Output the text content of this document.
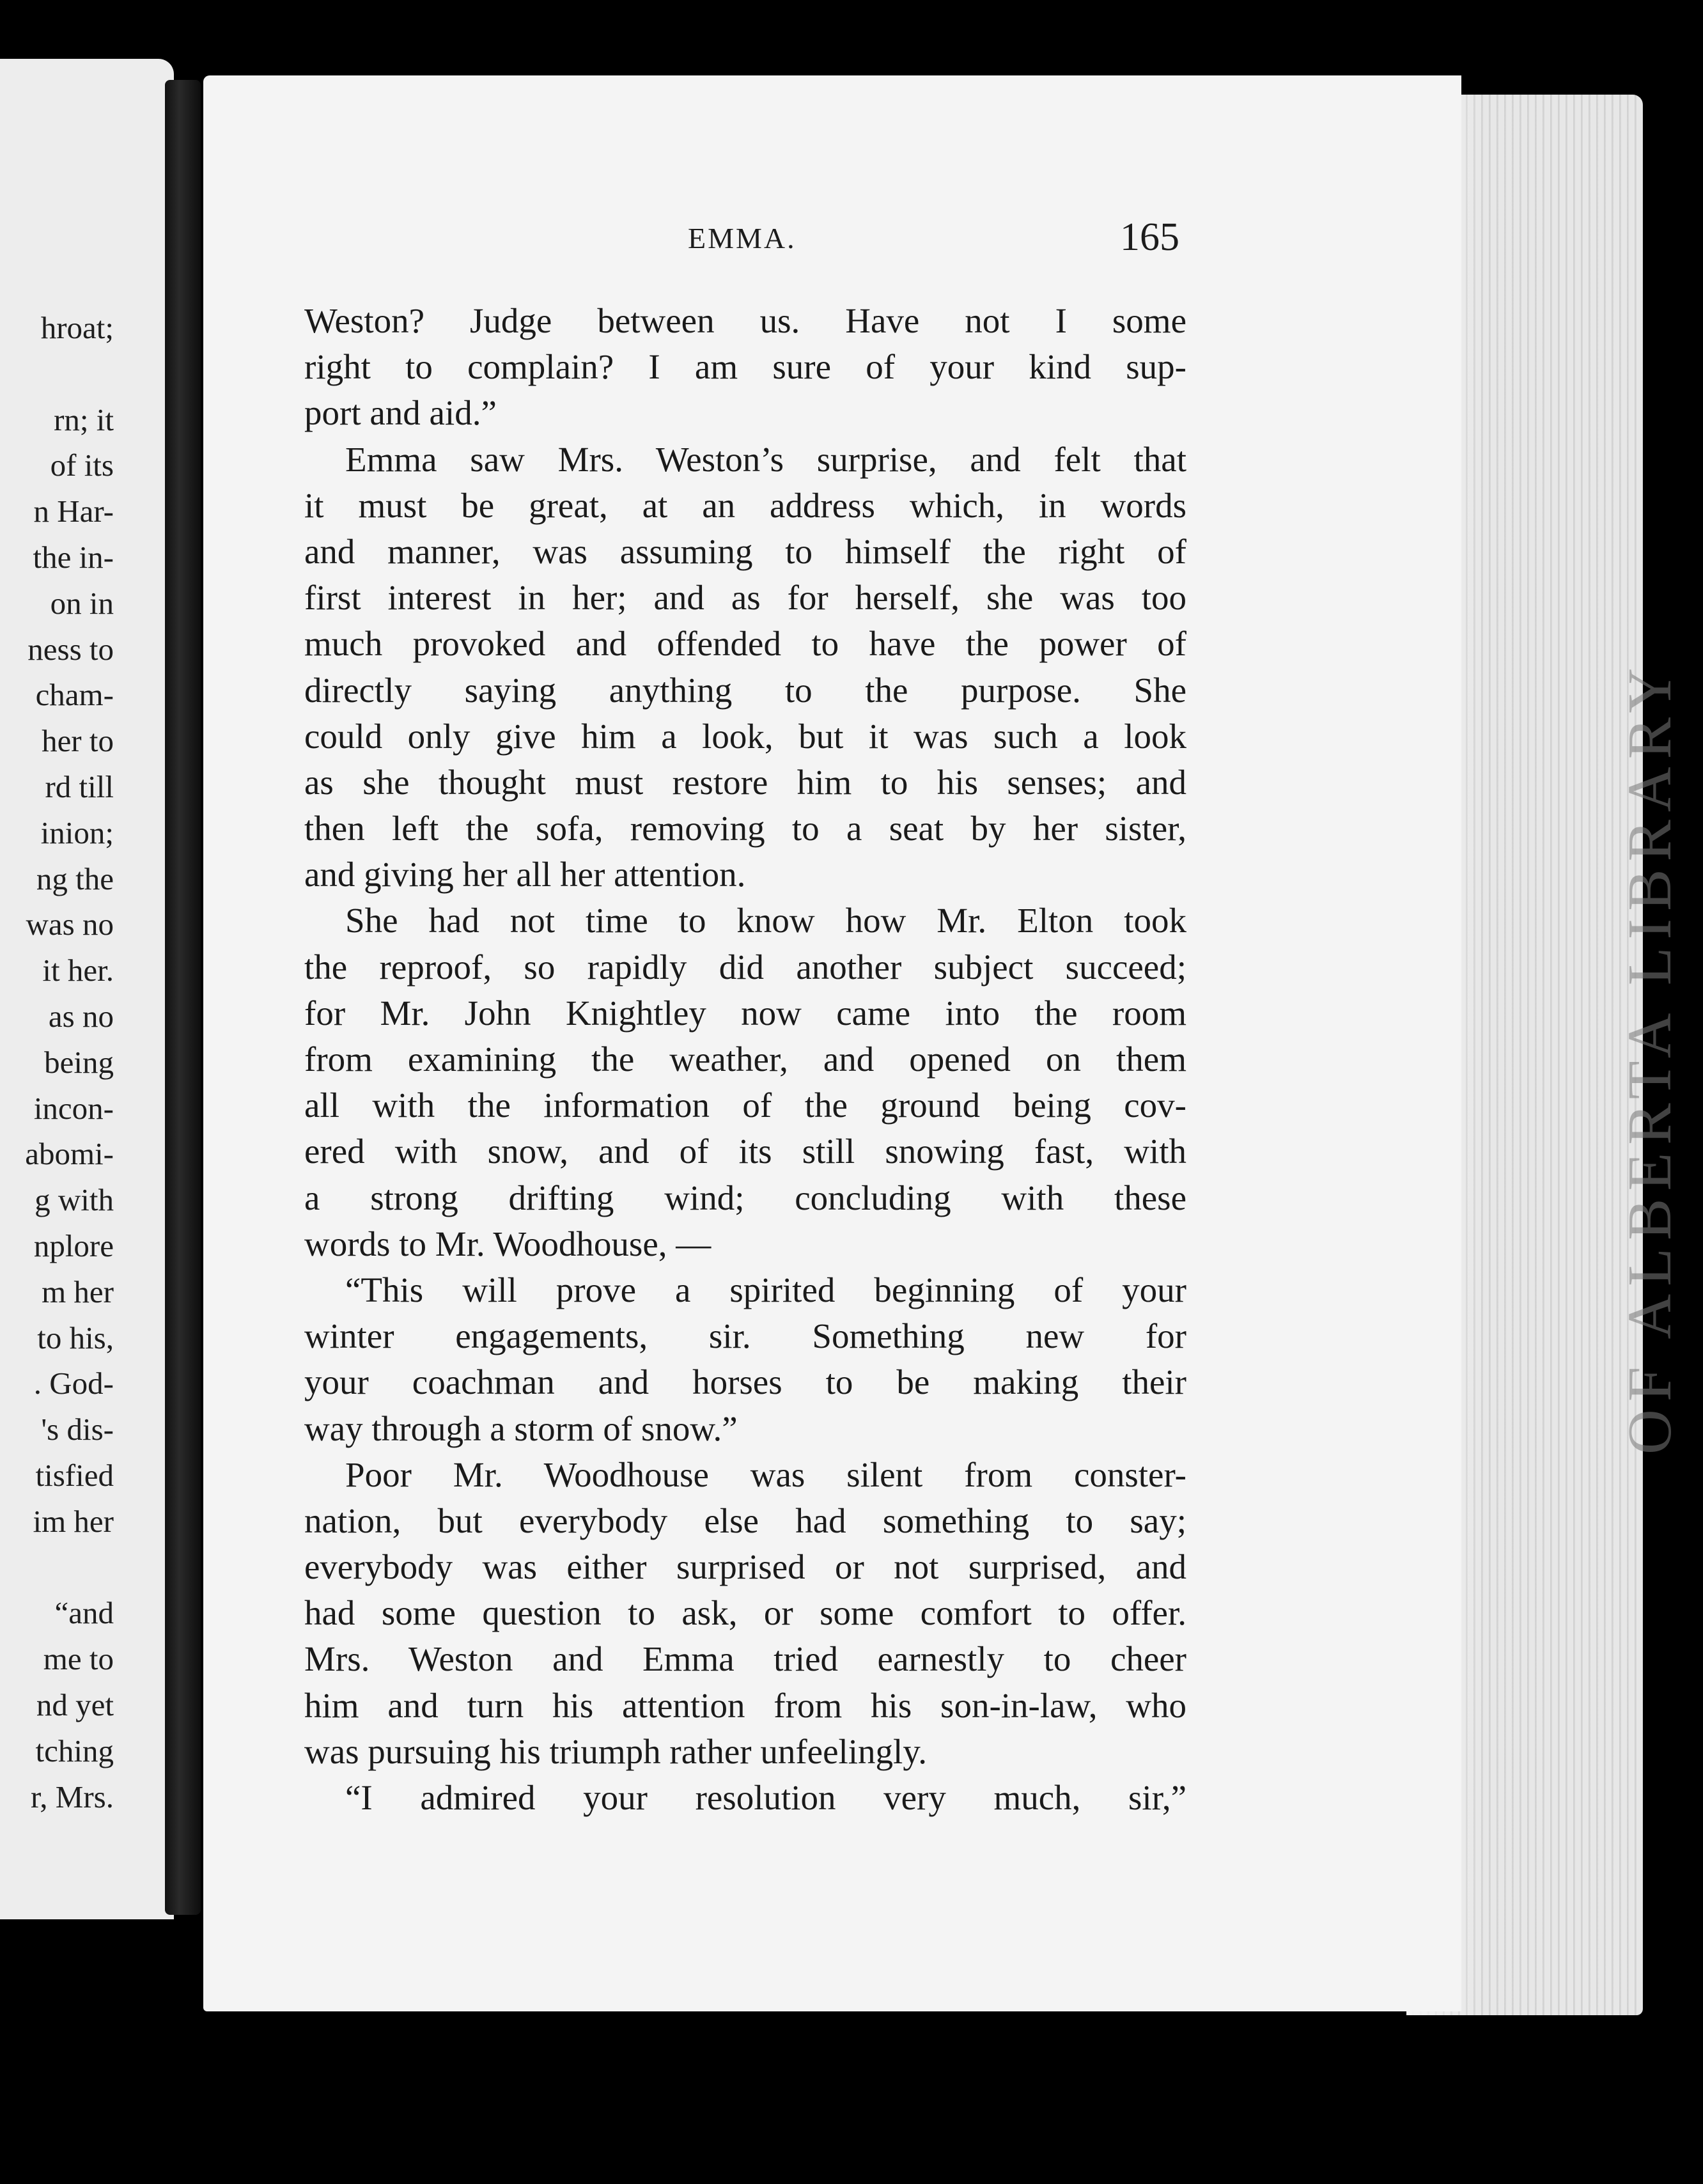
hroat;
rn; it
of its
n Har-
the in-
on in
ness to
cham-
her to
rd till
inion;
ng the
was no
it her.
as no
being
incon-
abomi-
g with
nplore
m her
to his,
. God-
's dis-
tisfied
im her
“and
me to
nd yet
tching
r, Mrs.
OF ALBERTA LIBRARY
EMMA.	165
Weston? Judge between us. Have not I some
right to complain? I am sure of your kind sup-
port and aid.”
Emma saw Mrs. Weston’s surprise, and felt that
it must be great, at an address which, in words
and manner, was assuming to himself the right of
first interest in her; and as for herself, she was too
much provoked and offended to have the power of
directly saying anything to the purpose. She
could only give him a look, but it was such a look
as she thought must restore him to his senses; and
then left the sofa, removing to a seat by her sister,
and giving her all her attention.
She had not time to know how Mr. Elton took
the reproof, so rapidly did another subject succeed;
for Mr. John Knightley now came into the room
from examining the weather, and opened on them
all with the information of the ground being cov-
ered with snow, and of its still snowing fast, with
a strong drifting wind; concluding with these
words to Mr. Woodhouse, —
“This will prove a spirited beginning of your
winter engagements, sir. Something new for
your coachman and horses to be making their
way through a storm of snow.”
Poor Mr. Woodhouse was silent from conster-
nation, but everybody else had something to say;
everybody was either surprised or not surprised, and
had some question to ask, or some comfort to offer.
Mrs. Weston and Emma tried earnestly to cheer
him and turn his attention from his son-in-law, who
was pursuing his triumph rather unfeelingly.
“I admired your resolution very much, sir,”
